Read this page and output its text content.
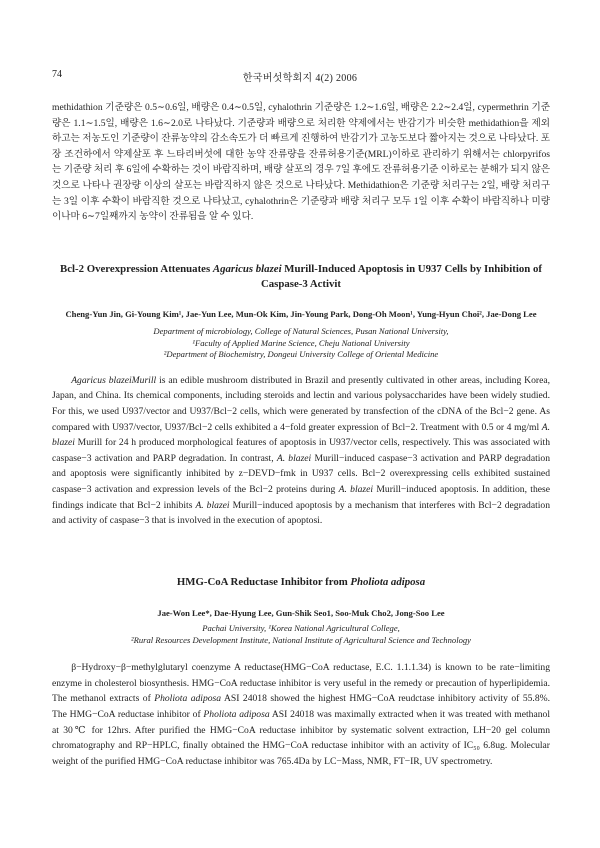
74	한국버섯학회지 4(2) 2006

methidathion 기준량은 0.5∼0.6일, 배량은 0.4∼0.5일, cyhalothrin 기준량은 1.2∼1.6일, 배량은 2.2∼2.4일, cypermethrin 기준량은 1.1∼1.5일, 배량은 1.6∼2.0로 나타났다. 기준량과 배량으로 처리한 약제에서는 반감기가 비슷한 methidathion을 제외하고는 저농도인 기준량이 잔류농약의 감소속도가 더 빠르게 진행하여 반감기가 고농도보다 짧아지는 것으로 나타났다. 포장 조건하에서 약제살포 후 느타리버섯에 대한 농약 잔류량을 잔류허용기준(MRL)이하로 관리하기 위해서는 chlorpyrifos는 기준량 처리 후 6일에 수확하는 것이 바람직하며, 배량 살포의 경우 7일 후에도 잔류허용기준 이하로는 분해가 되지 않은 것으로 나타나 권장량 이상의 살포는 바람직하지 않은 것으로 나타났다. Methidathion은 기준량 처리구는 2일, 배량 처리구는 3일 이후 수확이 바람직한 것으로 나타났고, cyhalothrin은 기준량과 배량 처리구 모두 1일 이후 수확이 바람직하나 미량이나마 6∼7일째까지 농약이 잔류됨을 알 수 있다.

Bcl-2 Overexpression Attenuates Agaricus blazei Murill-Induced Apoptosis in U937 Cells by Inhibition of Caspase-3 Activit

Cheng-Yun Jin, Gi-Young Kim¹, Jae-Yun Lee, Mun-Ok Kim, Jin-Young Park, Dong-Oh Moon¹, Yung-Hyun Choi², Jae-Dong Lee

Department of microbiology, College of Natural Sciences, Pusan National University,
¹Faculty of Applied Marine Science, Cheju National University
²Department of Biochemistry, Dongeui University College of Oriental Medicine

Agaricus blazeiMurill is an edible mushroom distributed in Brazil and presently cultivated in other areas, including Korea, Japan, and China. Its chemical components, including steroids and lectin and various polysaccharides have been widely studied. For this, we used U937/vector and U937/Bcl−2 cells, which were generated by transfection of the cDNA of the Bcl−2 gene. As compared with U937/vector, U937/Bcl−2 cells exhibited a 4−fold greater expression of Bcl−2. Treatment with 0.5 or 4 mg/ml A. blazei Murill for 24 h produced morphological features of apoptosis in U937/vector cells, respectively. This was associated with caspase−3 activation and PARP degradation. In contrast, A. blazei Murill−induced caspase−3 activation and PARP degradation and apoptosis were significantly inhibited by z−DEVD−fmk in U937 cells. Bcl−2 overexpressing cells exhibited sustained caspase−3 activation and expression levels of the Bcl−2 proteins during A. blazei Murill−induced apoptosis. In addition, these findings indicate that Bcl−2 inhibits A. blazei Murill−induced apoptosis by a mechanism that interferes with Bcl−2 degradation and activity of caspase−3 that is involved in the execution of apoptosi.

HMG-CoA Reductase Inhibitor from Pholiota adiposa

Jae-Won Lee*, Dae-Hyung Lee, Gun-Shik Seo1, Soo-Muk Cho2, Jong-Soo Lee

Pachai University, ¹Korea National Agricultural College,
²Rural Resources Development Institute, National Institute of Agricultural Science and Technology

β−Hydroxy−β−methylglutaryl coenzyme A reductase(HMG−CoA reductase, E.C. 1.1.1.34) is known to be rate−limiting enzyme in cholesterol biosynthesis. HMG−CoA reductase inhibitor is very useful in the remedy or precaution of hyperlipidemia. The methanol extracts of Pholiota adiposa ASI 24018 showed the highest HMG−CoA reudctase inhibitory activity of 55.8%. The HMG−CoA reductase inhibitor of Pholiota adiposa ASI 24018 was maximally extracted when it was treated with methanol at 30℃ for 12hrs. After purified the HMG−CoA reductase inhibitor by systematic solvent extraction, LH−20 gel column chromatography and RP−HPLC, finally obtained the HMG−CoA reductase inhibitor with an activity of IC₅₀ 6.8ug. Molecular weight of the purified HMG−CoA reductase inhibitor was 765.4Da by LC−Mass, NMR, FT−IR, UV spectrometry.
